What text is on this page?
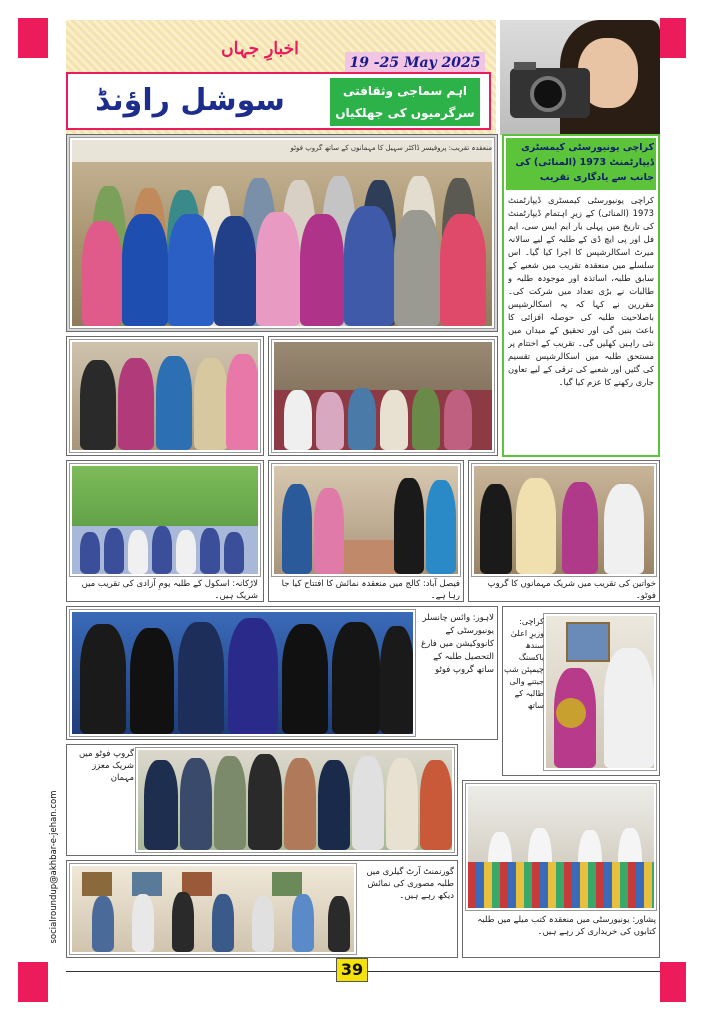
اخبارِ جہاں
19 -25 May 2025
سوشل راؤنڈ	اہم سماجی وثقافتی
سرگرمیوں کی جھلکیاں
منعقدہ تقریب: پروفیسر ڈاکٹر سہیل کا مہمانوں کے ساتھ گروپ فوٹو	کراچی یونیورسٹی کیمسٹری ڈیپارٹمنٹ 1973 (المنائی) کی جانب سے یادگاری تقریب
کراچی یونیورسٹی کیمسٹری ڈیپارٹمنٹ 1973 (المنائی) کے زیرِ اہتمام ڈیپارٹمنٹ کی تاریخ میں پہلی بار ایم ایس سی، ایم فل اور پی ایچ ڈی کے طلبہ کے لیے سالانہ میرٹ اسکالرشپس کا اجرا کیا گیا۔ اس سلسلے میں منعقدہ تقریب میں شعبے کے سابق طلبہ، اساتذہ اور موجودہ طلبہ و طالبات نے بڑی تعداد میں شرکت کی۔ مقررین نے کہا کہ یہ اسکالرشپس باصلاحیت طلبہ کی حوصلہ افزائی کا باعث بنیں گی اور تحقیق کے میدان میں نئی راہیں کھلیں گی۔ تقریب کے اختتام پر مستحق طلبہ میں اسکالرشپس تقسیم کی گئیں اور شعبے کی ترقی کے لیے تعاون جاری رکھنے کا عزم کیا گیا۔
لاڑکانہ: اسکول کے طلبہ یومِ آزادی کی تقریب میں شریک ہیں۔
فیصل آباد: کالج میں منعقدہ نمائش کا افتتاح کیا جا رہا ہے۔
خواتین کی تقریب میں شریک مہمانوں کا گروپ فوٹو۔
لاہور: وائس چانسلر یونیورسٹی کے کانووکیشن میں فارغ التحصیل طلبہ کے ساتھ گروپ فوٹو
کراچی: وزیرِ اعلیٰ سندھ باکسنگ چیمپئن شپ جیتنے والی طالبہ کے ساتھ
گروپ فوٹو میں شریک معزز مہمان
پشاور: یونیورسٹی میں منعقدہ کتب میلے میں طلبہ کتابوں کی خریداری کر رہے ہیں۔
گورنمنٹ آرٹ گیلری میں طلبہ مصوری کی نمائش دیکھ رہے ہیں۔
socialroundup@akhbar-e-jehan.com
39
